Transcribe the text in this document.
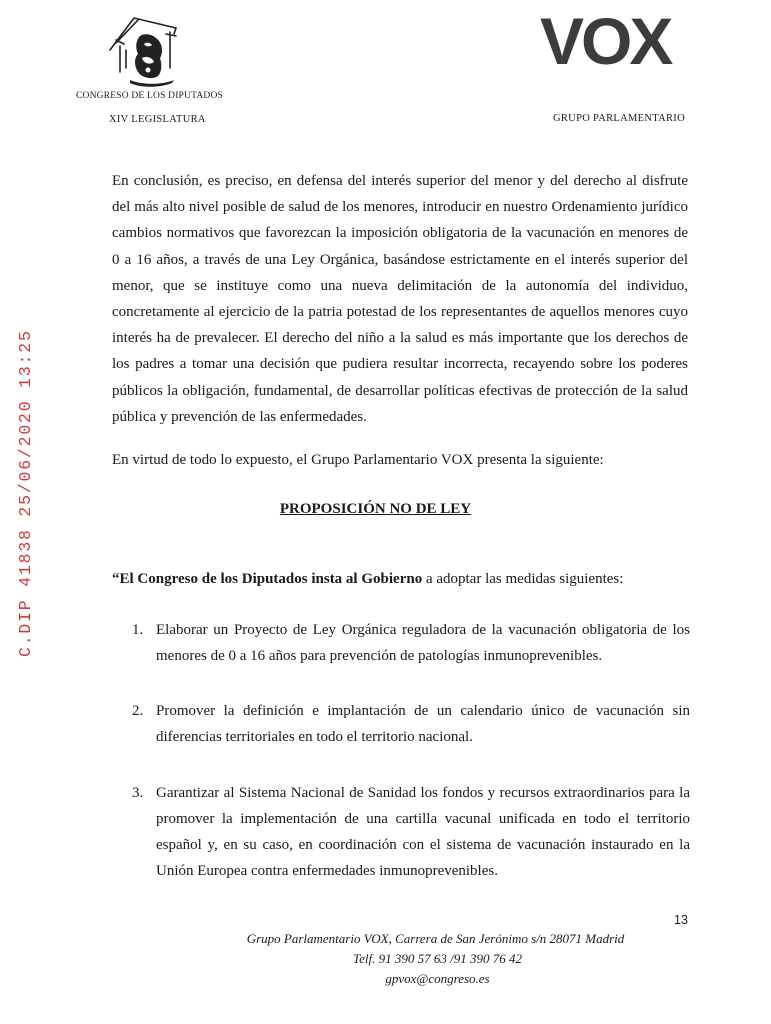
CONGRESO DE LOS DIPUTADOS
XIV LEGISLATURA
VOX
GRUPO PARLAMENTARIO
C.DIP 41838 25/06/2020 13:25

En conclusión, es preciso, en defensa del interés superior del menor y del derecho al disfrute del más alto nivel posible de salud de los menores, introducir en nuestro Ordenamiento jurídico cambios normativos que favorezcan la imposición obligatoria de la vacunación en menores de 0 a 16 años, a través de una Ley Orgánica, basándose estrictamente en el interés superior del menor, que se instituye como una nueva delimitación de la autonomía del individuo, concretamente al ejercicio de la patria potestad de los representantes de aquellos menores cuyo interés ha de prevalecer. El derecho del niño a la salud es más importante que los derechos de los padres a tomar una decisión que pudiera resultar incorrecta, recayendo sobre los poderes públicos la obligación, fundamental, de desarrollar políticas efectivas de protección de la salud pública y prevención de las enfermedades.

En virtud de todo lo expuesto, el Grupo Parlamentario VOX presenta la siguiente:

PROPOSICIÓN NO DE LEY
“El Congreso de los Diputados insta al Gobierno a adoptar las medidas siguientes:
1. Elaborar un Proyecto de Ley Orgánica reguladora de la vacunación obligatoria de los menores de 0 a 16 años para prevención de patologías inmunoprevenibles.
2. Promover la definición e implantación de un calendario único de vacunación sin diferencias territoriales en todo el territorio nacional.
3. Garantizar al Sistema Nacional de Sanidad los fondos y recursos extraordinarios para la promover la implementación de una cartilla vacunal unificada en todo el territorio español y, en su caso, en coordinación con el sistema de vacunación instaurado en la Unión Europea contra enfermedades inmunoprevenibles.
13
Grupo Parlamentario VOX, Carrera de San Jerónimo s/n 28071 Madrid
Telf. 91 390 57 63 /91 390 76 42
gpvox@congreso.es
